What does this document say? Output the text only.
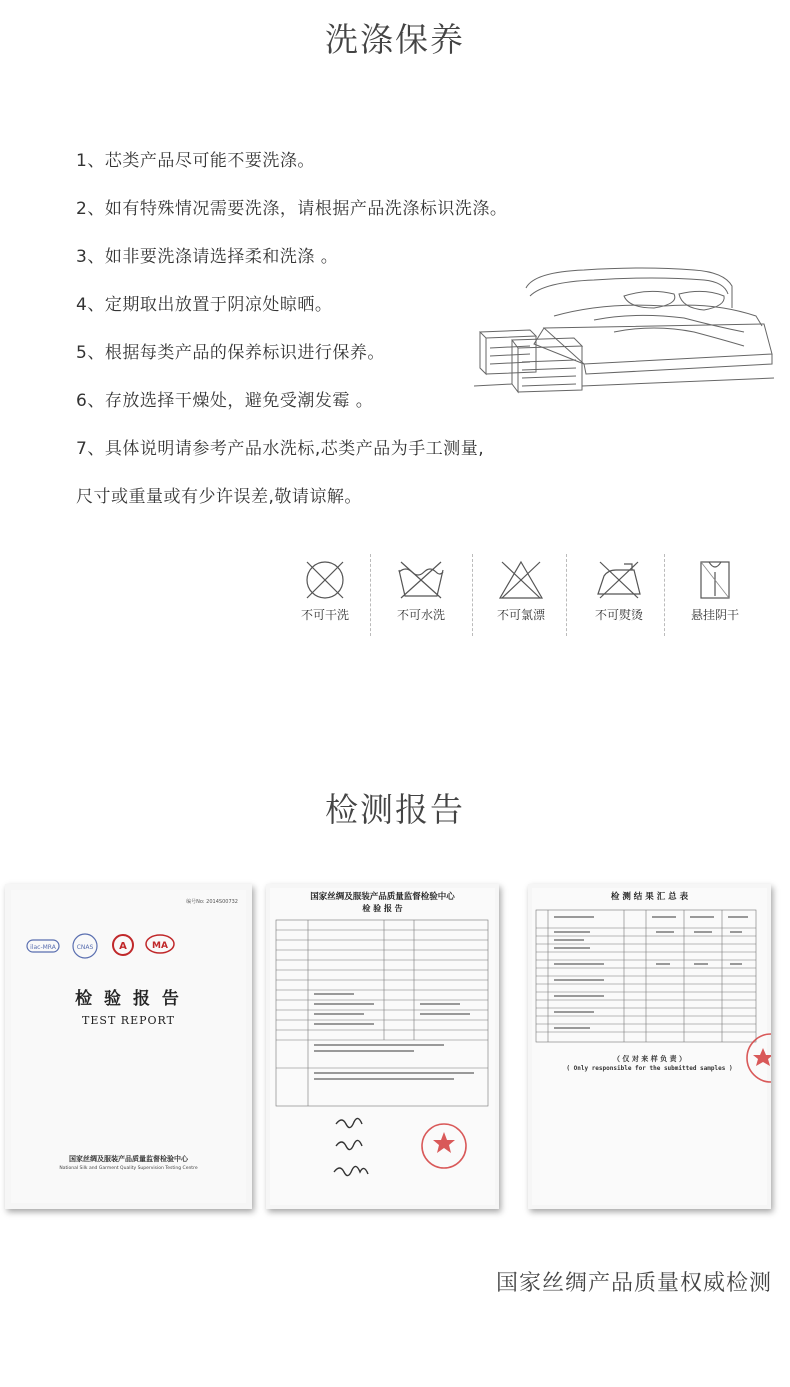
洗涤保养
1、芯类产品尽可能不要洗涤。
2、如有特殊情况需要洗涤，请根据产品洗涤标识洗涤。
3、如非要洗涤请选择柔和洗涤 。
4、定期取出放置于阴凉处晾晒。
5、根据每类产品的保养标识进行保养。
6、存放选择干燥处，避免受潮发霉 。
7、具体说明请参考产品水洗标,芯类产品为手工测量,
尺寸或重量或有少许误差,敬请谅解。
不可干洗	不可水洗	不可氯漂	不可熨烫	悬挂阴干
检测报告
编号No: 2014S00732
ilac-MRA	CNAS	A	MA
检 验 报 告
TEST REPORT
国家丝绸及服装产品质量监督检验中心
National Silk and Garment Quality Supervision Testing Centre
国家丝绸及服装产品质量监督检验中心
检 验 报 告
检 测 结 果 汇 总 表
（ 仅 对 来 样 负 责 ）
( Only responsible for the submitted samples )
国家丝绸产品质量权威检测
